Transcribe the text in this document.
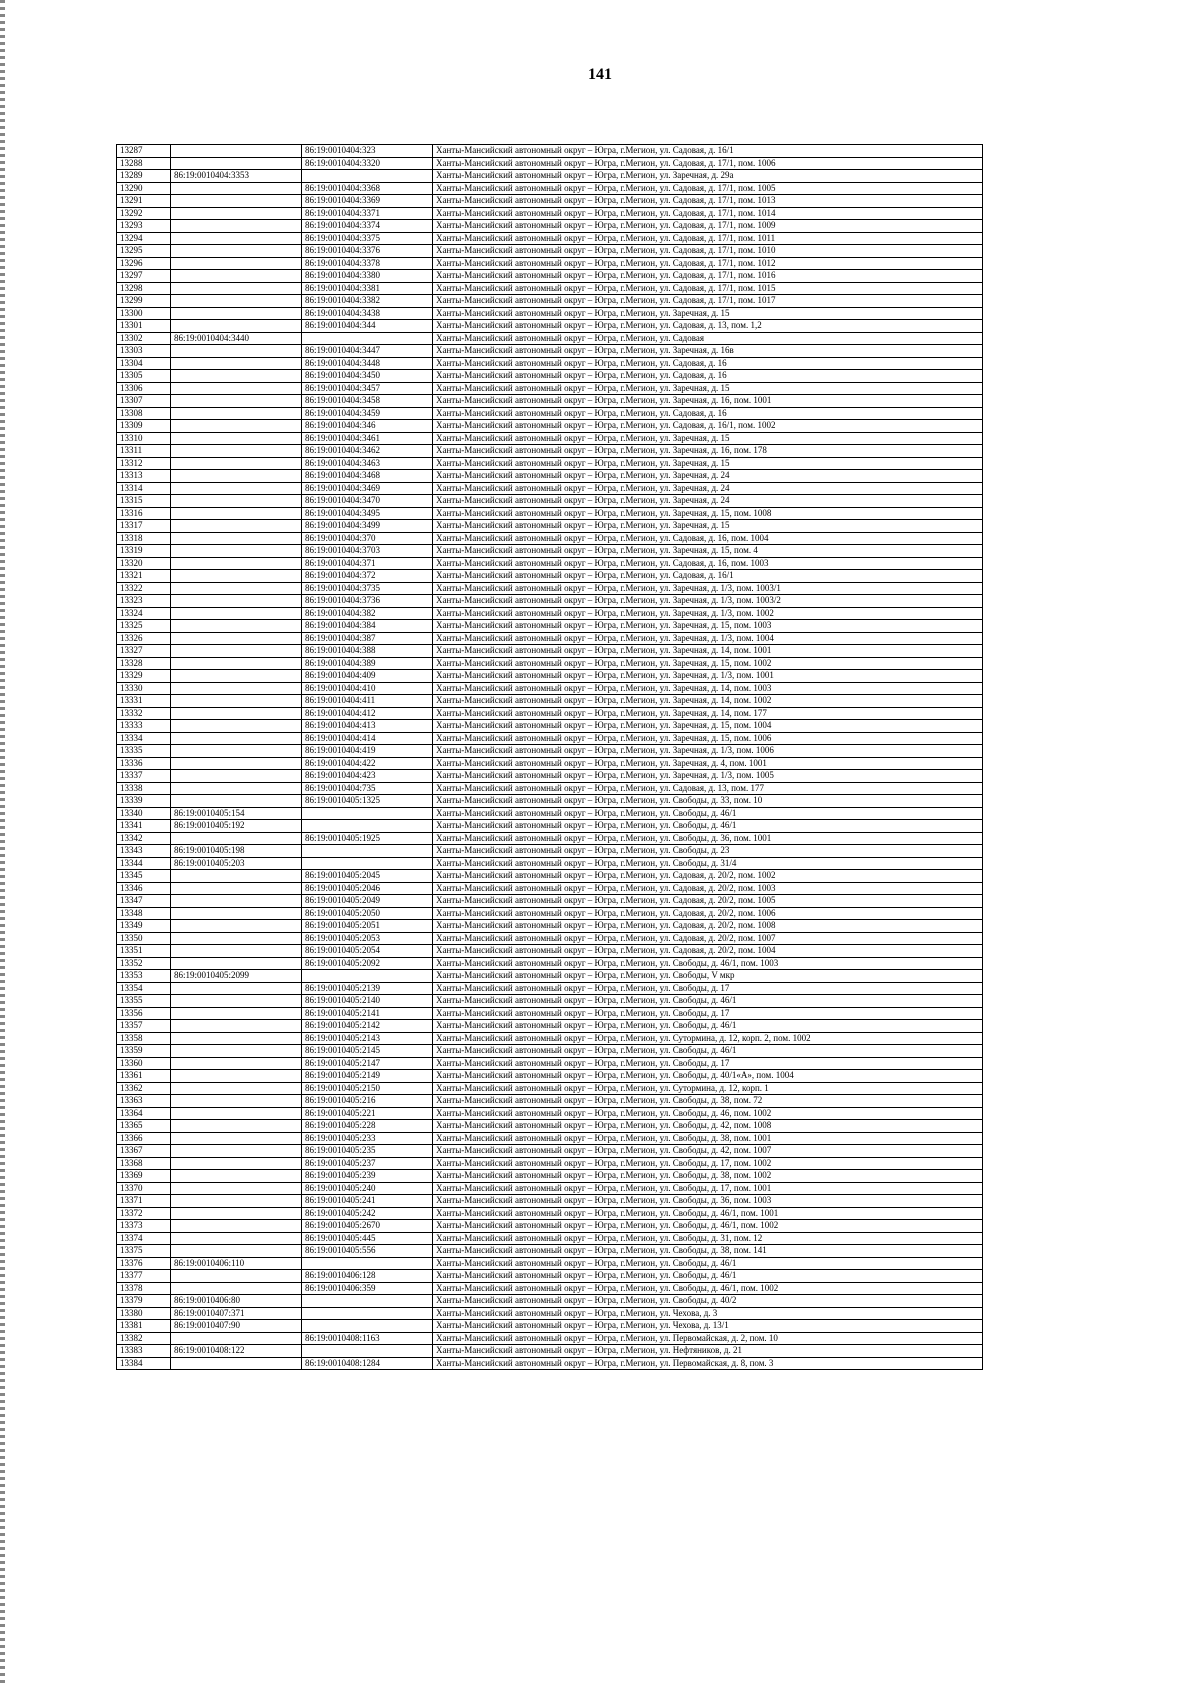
141
13287		86:19:0010404:323	Ханты-Мансийский автономный округ – Югра, г.Мегион, ул. Садовая, д. 16/1
13288		86:19:0010404:3320	Ханты-Мансийский автономный округ – Югра, г.Мегион, ул. Садовая, д. 17/1, пом. 1006
13289	86:19:0010404:3353		Ханты-Мансийский автономный округ – Югра, г.Мегион, ул. Заречная, д. 29а
13290		86:19:0010404:3368	Ханты-Мансийский автономный округ – Югра, г.Мегион, ул. Садовая, д. 17/1, пом. 1005
13291		86:19:0010404:3369	Ханты-Мансийский автономный округ – Югра, г.Мегион, ул. Садовая, д. 17/1, пом. 1013
13292		86:19:0010404:3371	Ханты-Мансийский автономный округ – Югра, г.Мегион, ул. Садовая, д. 17/1, пом. 1014
13293		86:19:0010404:3374	Ханты-Мансийский автономный округ – Югра, г.Мегион, ул. Садовая, д. 17/1, пом. 1009
13294		86:19:0010404:3375	Ханты-Мансийский автономный округ – Югра, г.Мегион, ул. Садовая, д. 17/1, пом. 1011
13295		86:19:0010404:3376	Ханты-Мансийский автономный округ – Югра, г.Мегион, ул. Садовая, д. 17/1, пом. 1010
13296		86:19:0010404:3378	Ханты-Мансийский автономный округ – Югра, г.Мегион, ул. Садовая, д. 17/1, пом. 1012
13297		86:19:0010404:3380	Ханты-Мансийский автономный округ – Югра, г.Мегион, ул. Садовая, д. 17/1, пом. 1016
13298		86:19:0010404:3381	Ханты-Мансийский автономный округ – Югра, г.Мегион, ул. Садовая, д. 17/1, пом. 1015
13299		86:19:0010404:3382	Ханты-Мансийский автономный округ – Югра, г.Мегион, ул. Садовая, д. 17/1, пом. 1017
13300		86:19:0010404:3438	Ханты-Мансийский автономный округ – Югра, г.Мегион, ул. Заречная, д. 15
13301		86:19:0010404:344	Ханты-Мансийский автономный округ – Югра, г.Мегион, ул. Садовая, д. 13, пом. 1,2
13302	86:19:0010404:3440		Ханты-Мансийский автономный округ – Югра, г.Мегион, ул. Садовая
13303		86:19:0010404:3447	Ханты-Мансийский автономный округ – Югра, г.Мегион, ул. Заречная, д. 16в
13304		86:19:0010404:3448	Ханты-Мансийский автономный округ – Югра, г.Мегион, ул. Садовая, д. 16
13305		86:19:0010404:3450	Ханты-Мансийский автономный округ – Югра, г.Мегион, ул. Садовая, д. 16
13306		86:19:0010404:3457	Ханты-Мансийский автономный округ – Югра, г.Мегион, ул. Заречная, д. 15
13307		86:19:0010404:3458	Ханты-Мансийский автономный округ – Югра, г.Мегион, ул. Заречная, д. 16, пом. 1001
13308		86:19:0010404:3459	Ханты-Мансийский автономный округ – Югра, г.Мегион, ул. Садовая, д. 16
13309		86:19:0010404:346	Ханты-Мансийский автономный округ – Югра, г.Мегион, ул. Садовая, д. 16/1, пом. 1002
13310		86:19:0010404:3461	Ханты-Мансийский автономный округ – Югра, г.Мегион, ул. Заречная, д. 15
13311		86:19:0010404:3462	Ханты-Мансийский автономный округ – Югра, г.Мегион, ул. Заречная, д. 16, пом. 178
13312		86:19:0010404:3463	Ханты-Мансийский автономный округ – Югра, г.Мегион, ул. Заречная, д. 15
13313		86:19:0010404:3468	Ханты-Мансийский автономный округ – Югра, г.Мегион, ул. Заречная, д. 24
13314		86:19:0010404:3469	Ханты-Мансийский автономный округ – Югра, г.Мегион, ул. Заречная, д. 24
13315		86:19:0010404:3470	Ханты-Мансийский автономный округ – Югра, г.Мегион, ул. Заречная, д. 24
13316		86:19:0010404:3495	Ханты-Мансийский автономный округ – Югра, г.Мегион, ул. Заречная, д. 15, пом. 1008
13317		86:19:0010404:3499	Ханты-Мансийский автономный округ – Югра, г.Мегион, ул. Заречная, д. 15
13318		86:19:0010404:370	Ханты-Мансийский автономный округ – Югра, г.Мегион, ул. Садовая, д. 16, пом. 1004
13319		86:19:0010404:3703	Ханты-Мансийский автономный округ – Югра, г.Мегион, ул. Заречная, д. 15, пом. 4
13320		86:19:0010404:371	Ханты-Мансийский автономный округ – Югра, г.Мегион, ул. Садовая, д. 16, пом. 1003
13321		86:19:0010404:372	Ханты-Мансийский автономный округ – Югра, г.Мегион, ул. Садовая, д. 16/1
13322		86:19:0010404:3735	Ханты-Мансийский автономный округ – Югра, г.Мегион, ул. Заречная, д. 1/3, пом. 1003/1
13323		86:19:0010404:3736	Ханты-Мансийский автономный округ – Югра, г.Мегион, ул. Заречная, д. 1/3, пом. 1003/2
13324		86:19:0010404:382	Ханты-Мансийский автономный округ – Югра, г.Мегион, ул. Заречная, д. 1/3, пом. 1002
13325		86:19:0010404:384	Ханты-Мансийский автономный округ – Югра, г.Мегион, ул. Заречная, д. 15, пом. 1003
13326		86:19:0010404:387	Ханты-Мансийский автономный округ – Югра, г.Мегион, ул. Заречная, д. 1/3, пом. 1004
13327		86:19:0010404:388	Ханты-Мансийский автономный округ – Югра, г.Мегион, ул. Заречная, д. 14, пом. 1001
13328		86:19:0010404:389	Ханты-Мансийский автономный округ – Югра, г.Мегион, ул. Заречная, д. 15, пом. 1002
13329		86:19:0010404:409	Ханты-Мансийский автономный округ – Югра, г.Мегион, ул. Заречная, д. 1/3, пом. 1001
13330		86:19:0010404:410	Ханты-Мансийский автономный округ – Югра, г.Мегион, ул. Заречная, д. 14, пом. 1003
13331		86:19:0010404:411	Ханты-Мансийский автономный округ – Югра, г.Мегион, ул. Заречная, д. 14, пом. 1002
13332		86:19:0010404:412	Ханты-Мансийский автономный округ – Югра, г.Мегион, ул. Заречная, д. 14, пом. 177
13333		86:19:0010404:413	Ханты-Мансийский автономный округ – Югра, г.Мегион, ул. Заречная, д. 15, пом. 1004
13334		86:19:0010404:414	Ханты-Мансийский автономный округ – Югра, г.Мегион, ул. Заречная, д. 15, пом. 1006
13335		86:19:0010404:419	Ханты-Мансийский автономный округ – Югра, г.Мегион, ул. Заречная, д. 1/3, пом. 1006
13336		86:19:0010404:422	Ханты-Мансийский автономный округ – Югра, г.Мегион, ул. Заречная, д. 4, пом. 1001
13337		86:19:0010404:423	Ханты-Мансийский автономный округ – Югра, г.Мегион, ул. Заречная, д. 1/3, пом. 1005
13338		86:19:0010404:735	Ханты-Мансийский автономный округ – Югра, г.Мегион, ул. Садовая, д. 13, пом. 177
13339		86:19:0010405:1325	Ханты-Мансийский автономный округ – Югра, г.Мегион, ул. Свободы, д. 33, пом. 10
13340	86:19:0010405:154		Ханты-Мансийский автономный округ – Югра, г.Мегион, ул. Свободы, д. 46/1
13341	86:19:0010405:192		Ханты-Мансийский автономный округ – Югра, г.Мегион, ул. Свободы, д. 46/1
13342		86:19:0010405:1925	Ханты-Мансийский автономный округ – Югра, г.Мегион, ул. Свободы, д. 36, пом. 1001
13343	86:19:0010405:198		Ханты-Мансийский автономный округ – Югра, г.Мегион, ул. Свободы, д. 23
13344	86:19:0010405:203		Ханты-Мансийский автономный округ – Югра, г.Мегион, ул. Свободы, д. 31/4
13345		86:19:0010405:2045	Ханты-Мансийский автономный округ – Югра, г.Мегион, ул. Садовая, д. 20/2, пом. 1002
13346		86:19:0010405:2046	Ханты-Мансийский автономный округ – Югра, г.Мегион, ул. Садовая, д. 20/2, пом. 1003
13347		86:19:0010405:2049	Ханты-Мансийский автономный округ – Югра, г.Мегион, ул. Садовая, д. 20/2, пом. 1005
13348		86:19:0010405:2050	Ханты-Мансийский автономный округ – Югра, г.Мегион, ул. Садовая, д. 20/2, пом. 1006
13349		86:19:0010405:2051	Ханты-Мансийский автономный округ – Югра, г.Мегион, ул. Садовая, д. 20/2, пом. 1008
13350		86:19:0010405:2053	Ханты-Мансийский автономный округ – Югра, г.Мегион, ул. Садовая, д. 20/2, пом. 1007
13351		86:19:0010405:2054	Ханты-Мансийский автономный округ – Югра, г.Мегион, ул. Садовая, д. 20/2, пом. 1004
13352		86:19:0010405:2092	Ханты-Мансийский автономный округ – Югра, г.Мегион, ул. Свободы, д. 46/1, пом. 1003
13353	86:19:0010405:2099		Ханты-Мансийский автономный округ – Югра, г.Мегион, ул. Свободы, V мкр
13354		86:19:0010405:2139	Ханты-Мансийский автономный округ – Югра, г.Мегион, ул. Свободы, д. 17
13355		86:19:0010405:2140	Ханты-Мансийский автономный округ – Югра, г.Мегион, ул. Свободы, д. 46/1
13356		86:19:0010405:2141	Ханты-Мансийский автономный округ – Югра, г.Мегион, ул. Свободы, д. 17
13357		86:19:0010405:2142	Ханты-Мансийский автономный округ – Югра, г.Мегион, ул. Свободы, д. 46/1
13358		86:19:0010405:2143	Ханты-Мансийский автономный округ – Югра, г.Мегион, ул. Сутормина, д. 12, корп. 2, пом. 1002
13359		86:19:0010405:2145	Ханты-Мансийский автономный округ – Югра, г.Мегион, ул. Свободы, д. 46/1
13360		86:19:0010405:2147	Ханты-Мансийский автономный округ – Югра, г.Мегион, ул. Свободы, д. 17
13361		86:19:0010405:2149	Ханты-Мансийский автономный округ – Югра, г.Мегион, ул. Свободы, д. 40/1«А», пом. 1004
13362		86:19:0010405:2150	Ханты-Мансийский автономный округ – Югра, г.Мегион, ул. Сутормина, д. 12, корп. 1
13363		86:19:0010405:216	Ханты-Мансийский автономный округ – Югра, г.Мегион, ул. Свободы, д. 38, пом. 72
13364		86:19:0010405:221	Ханты-Мансийский автономный округ – Югра, г.Мегион, ул. Свободы, д. 46, пом. 1002
13365		86:19:0010405:228	Ханты-Мансийский автономный округ – Югра, г.Мегион, ул. Свободы, д. 42, пом. 1008
13366		86:19:0010405:233	Ханты-Мансийский автономный округ – Югра, г.Мегион, ул. Свободы, д. 38, пом. 1001
13367		86:19:0010405:235	Ханты-Мансийский автономный округ – Югра, г.Мегион, ул. Свободы, д. 42, пом. 1007
13368		86:19:0010405:237	Ханты-Мансийский автономный округ – Югра, г.Мегион, ул. Свободы, д. 17, пом. 1002
13369		86:19:0010405:239	Ханты-Мансийский автономный округ – Югра, г.Мегион, ул. Свободы, д. 38, пом. 1002
13370		86:19:0010405:240	Ханты-Мансийский автономный округ – Югра, г.Мегион, ул. Свободы, д. 17, пом. 1001
13371		86:19:0010405:241	Ханты-Мансийский автономный округ – Югра, г.Мегион, ул. Свободы, д. 36, пом. 1003
13372		86:19:0010405:242	Ханты-Мансийский автономный округ – Югра, г.Мегион, ул. Свободы, д. 46/1, пом. 1001
13373		86:19:0010405:2670	Ханты-Мансийский автономный округ – Югра, г.Мегион, ул. Свободы, д. 46/1, пом. 1002
13374		86:19:0010405:445	Ханты-Мансийский автономный округ – Югра, г.Мегион, ул. Свободы, д. 31, пом. 12
13375		86:19:0010405:556	Ханты-Мансийский автономный округ – Югра, г.Мегион, ул. Свободы, д. 38, пом. 141
13376	86:19:0010406:110		Ханты-Мансийский автономный округ – Югра, г.Мегион, ул. Свободы, д. 46/1
13377		86:19:0010406:128	Ханты-Мансийский автономный округ – Югра, г.Мегион, ул. Свободы, д. 46/1
13378		86:19:0010406:359	Ханты-Мансийский автономный округ – Югра, г.Мегион, ул. Свободы, д. 46/1, пом. 1002
13379	86:19:0010406:80		Ханты-Мансийский автономный округ – Югра, г.Мегион, ул. Свободы, д. 40/2
13380	86:19:0010407:371		Ханты-Мансийский автономный округ – Югра, г.Мегион, ул. Чехова, д. 3
13381	86:19:0010407:90		Ханты-Мансийский автономный округ – Югра, г.Мегион, ул. Чехова, д. 13/1
13382		86:19:0010408:1163	Ханты-Мансийский автономный округ – Югра, г.Мегион, ул. Первомайская, д. 2, пом. 10
13383	86:19:0010408:122		Ханты-Мансийский автономный округ – Югра, г.Мегион, ул. Нефтяников, д. 21
13384		86:19:0010408:1284	Ханты-Мансийский автономный округ – Югра, г.Мегион, ул. Первомайская, д. 8, пом. 3
